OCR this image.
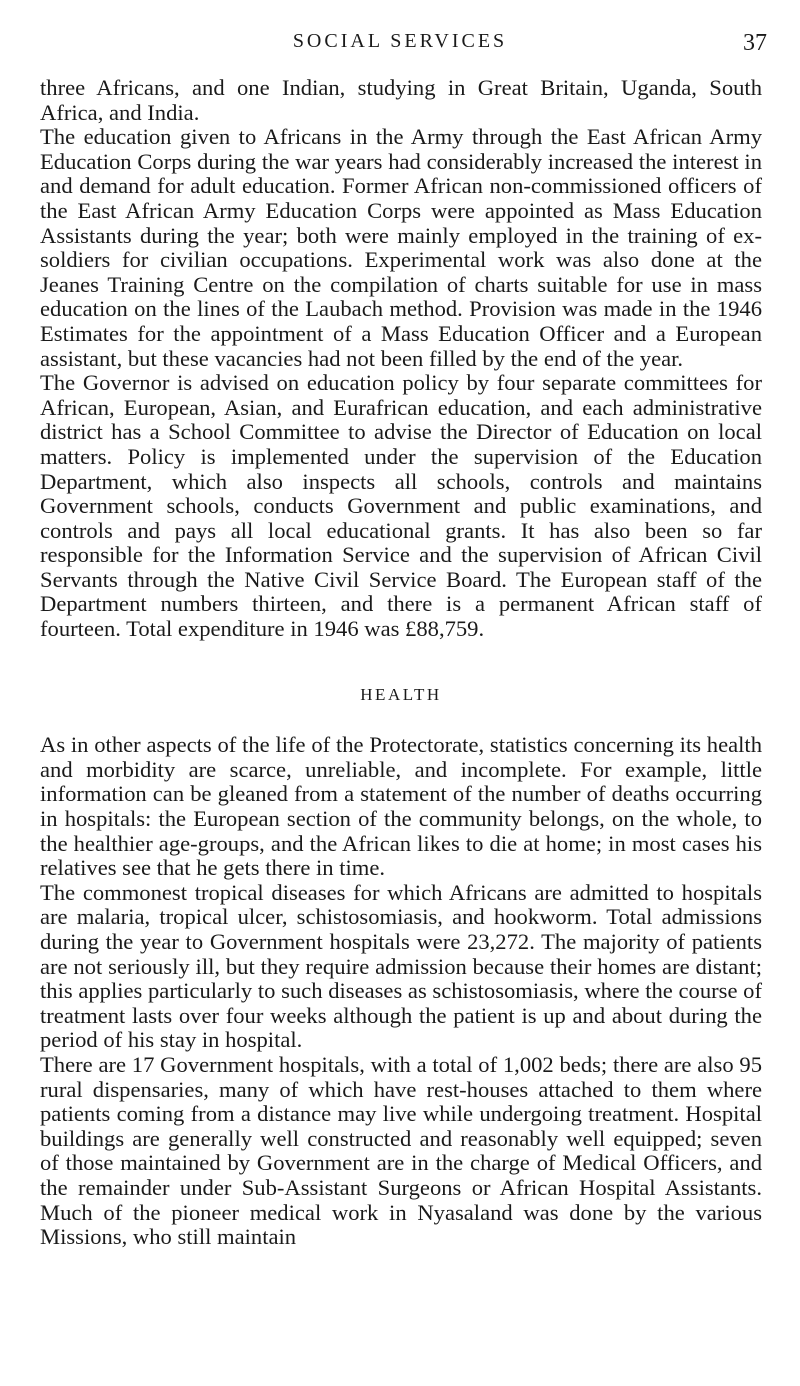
SOCIAL SERVICES	37

three Africans, and one Indian, studying in Great Britain, Uganda, South Africa, and India.

The education given to Africans in the Army through the East African Army Education Corps during the war years had considerably increased the interest in and demand for adult education. Former African non-commissioned officers of the East African Army Education Corps were appointed as Mass Education Assistants during the year; both were mainly employed in the training of ex-soldiers for civilian occupations. Experimental work was also done at the Jeanes Training Centre on the compilation of charts suitable for use in mass education on the lines of the Laubach method. Provision was made in the 1946 Estimates for the appointment of a Mass Education Officer and a European assistant, but these vacancies had not been filled by the end of the year.

The Governor is advised on education policy by four separate committees for African, European, Asian, and Eurafrican education, and each administrative district has a School Committee to advise the Director of Education on local matters. Policy is implemented under the supervision of the Education Department, which also inspects all schools, controls and maintains Government schools, conducts Government and public examinations, and controls and pays all local educational grants. It has also been so far responsible for the Information Service and the supervision of African Civil Servants through the Native Civil Service Board. The European staff of the Department numbers thirteen, and there is a permanent African staff of fourteen. Total expenditure in 1946 was £88,759.

HEALTH

As in other aspects of the life of the Protectorate, statistics concerning its health and morbidity are scarce, unreliable, and incomplete. For example, little information can be gleaned from a statement of the number of deaths occurring in hospitals: the European section of the community belongs, on the whole, to the healthier age-groups, and the African likes to die at home; in most cases his relatives see that he gets there in time.

The commonest tropical diseases for which Africans are admitted to hospitals are malaria, tropical ulcer, schistosomiasis, and hookworm. Total admissions during the year to Government hospitals were 23,272. The majority of patients are not seriously ill, but they require admission because their homes are distant; this applies particularly to such diseases as schistosomiasis, where the course of treatment lasts over four weeks although the patient is up and about during the period of his stay in hospital.

There are 17 Government hospitals, with a total of 1,002 beds; there are also 95 rural dispensaries, many of which have rest-houses attached to them where patients coming from a distance may live while undergoing treatment. Hospital buildings are generally well constructed and reasonably well equipped; seven of those maintained by Government are in the charge of Medical Officers, and the remainder under Sub-Assistant Surgeons or African Hospital Assistants. Much of the pioneer medical work in Nyasaland was done by the various Missions, who still maintain
